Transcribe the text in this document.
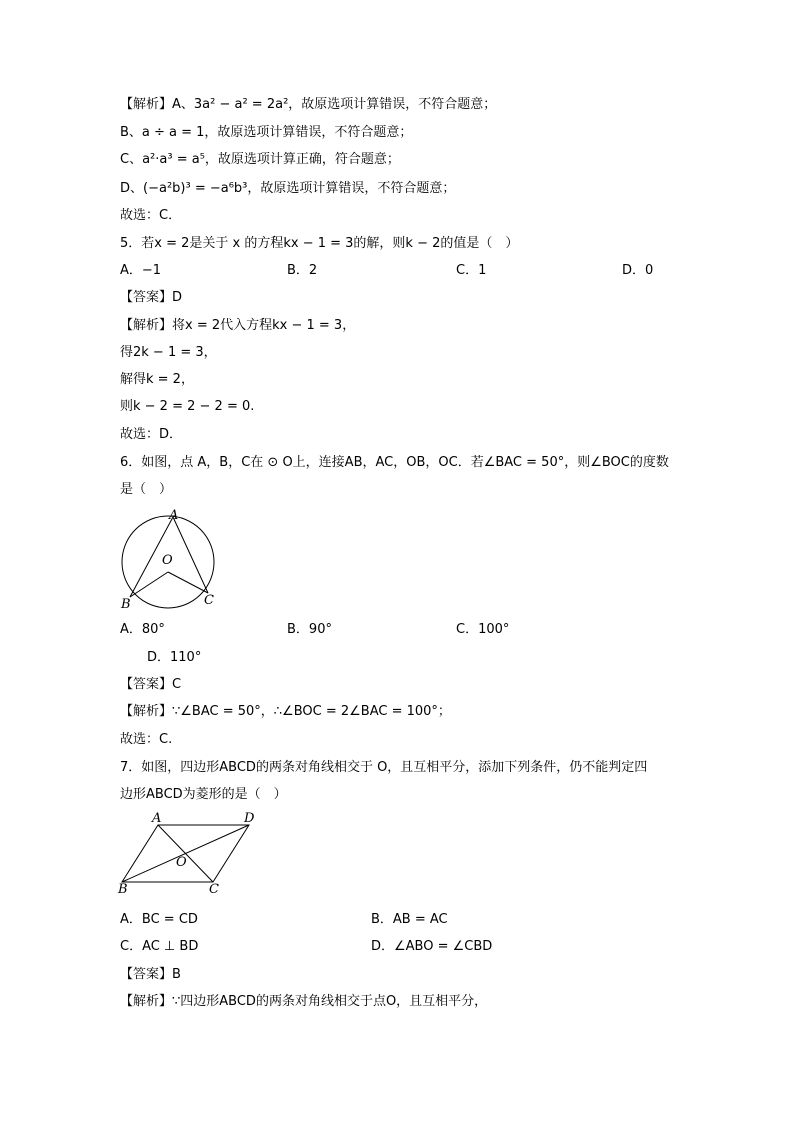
【解析】A、3a² − a² = 2a²，故原选项计算错误，不符合题意；
B、a ÷ a = 1，故原选项计算错误，不符合题意；
C、a²·a³ = a⁵，故原选项计算正确，符合题意；
D、(−a²b)³ = −a⁶b³，故原选项计算错误，不符合题意；
故选：C．
5．若x = 2是关于 x 的方程kx − 1 = 3的解，则k − 2的值是（　）
A．−1	B．2	C．1	D．0
【答案】D
【解析】将x = 2代入方程kx − 1 = 3，
得2k − 1 = 3，
解得k = 2，
则k − 2 = 2 − 2 = 0.
故选：D．
6．如图，点 A，B，C在 ⊙ O上，连接AB，AC，OB，OC．若∠BAC = 50°，则∠BOC的度数
是（　）
A
O
B	C
A．80°	B．90°	C．100°
D．110°
【答案】C
【解析】∵∠BAC = 50°，∴∠BOC = 2∠BAC = 100°；
故选：C.
7．如图，四边形ABCD的两条对角线相交于 O，且互相平分，添加下列条件，仍不能判定四
边形ABCD为菱形的是（　）
A	D
O
B	C
A．BC = CD	B．AB = AC
C．AC ⊥ BD	D．∠ABO = ∠CBD
【答案】B
【解析】∵四边形ABCD的两条对角线相交于点O，且互相平分，
